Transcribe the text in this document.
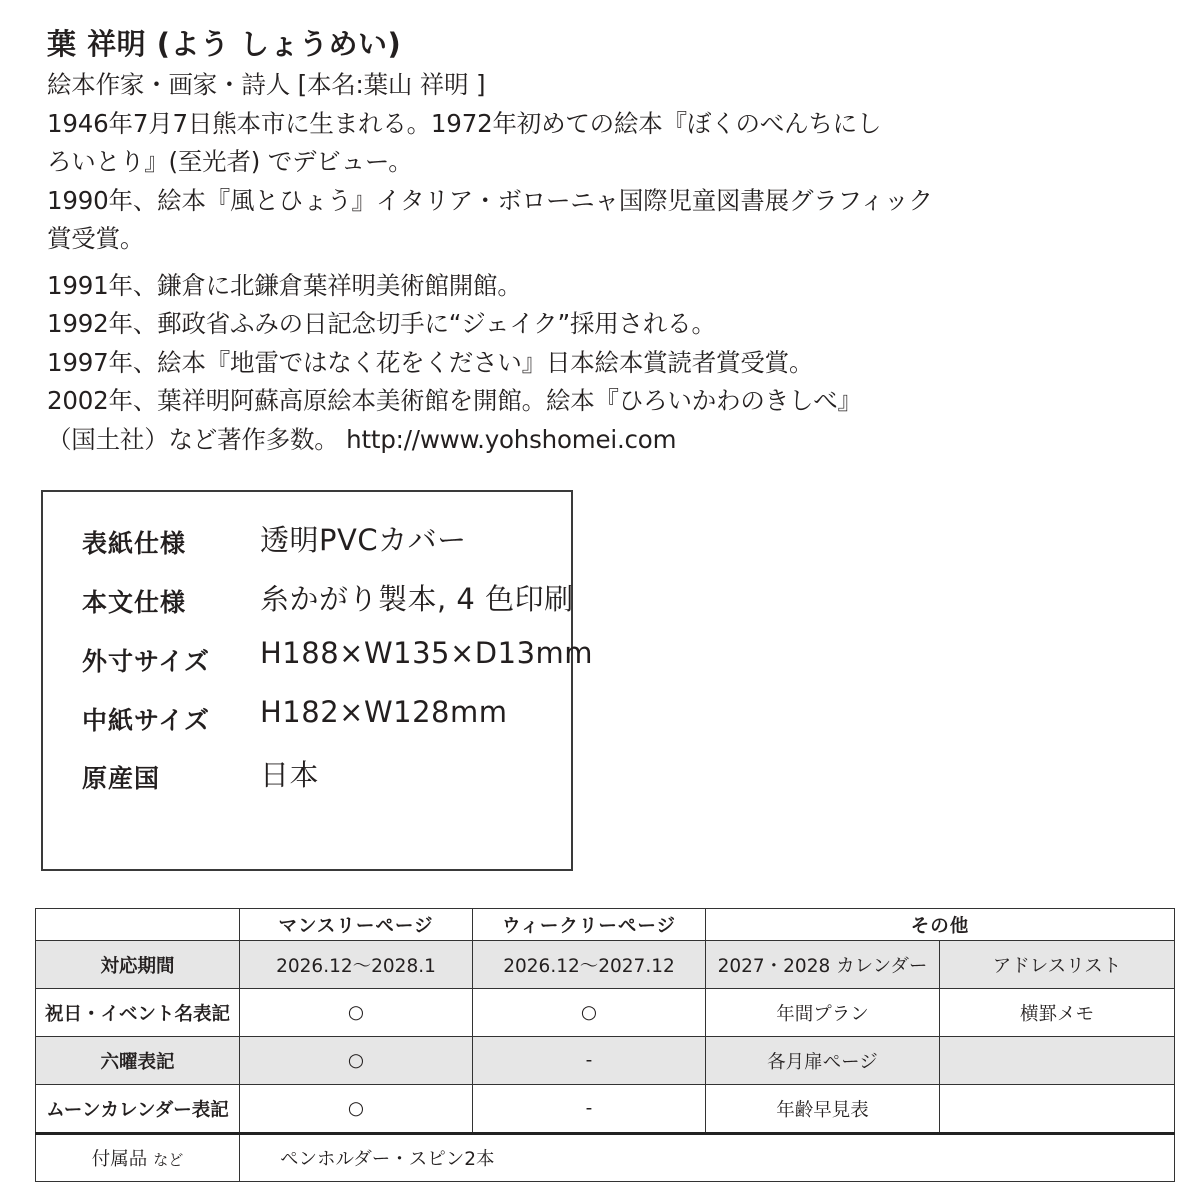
葉 祥明 (よう しょうめい)

絵本作家・画家・詩人 [本名:葉山 祥明 ]

1946年7月7日熊本市に生まれる。1972年初めての絵本『ぼくのべんちにし

ろいとり』(至光者) でデビュー。

1990年、絵本『風とひょう』イタリア・ボローニャ国際児童図書展グラフィック

賞受賞。

1991年、鎌倉に北鎌倉葉祥明美術館開館。

1992年、郵政省ふみの日記念切手に“ジェイク”採用される。

1997年、絵本『地雷ではなく花をください』日本絵本賞読者賞受賞。

2002年、葉祥明阿蘇高原絵本美術館を開館。絵本『ひろいかわのきしべ』

（国土社）など著作多数。 http://www.yohshomei.com

表紙仕様	透明PVCカバー
本文仕様	糸かがり製本, 4 色印刷
外寸サイズ H188×W135×D13mm
中紙サイズ H182×W128mm
原産国	日本
	マンスリーページ	ウィークリーページ	その他	
対応期間	2026.12〜2028.1	2026.12〜2027.12	2027・2028 カレンダー	アドレスリスト
祝日・イベント名表記	○	○	年間プラン	横罫メモ
六曜表記	○	-	各月扉ページ	
ムーンカレンダー表記	○	-	年齢早見表	
付属品 など	ペンホルダー・スピン2本			
